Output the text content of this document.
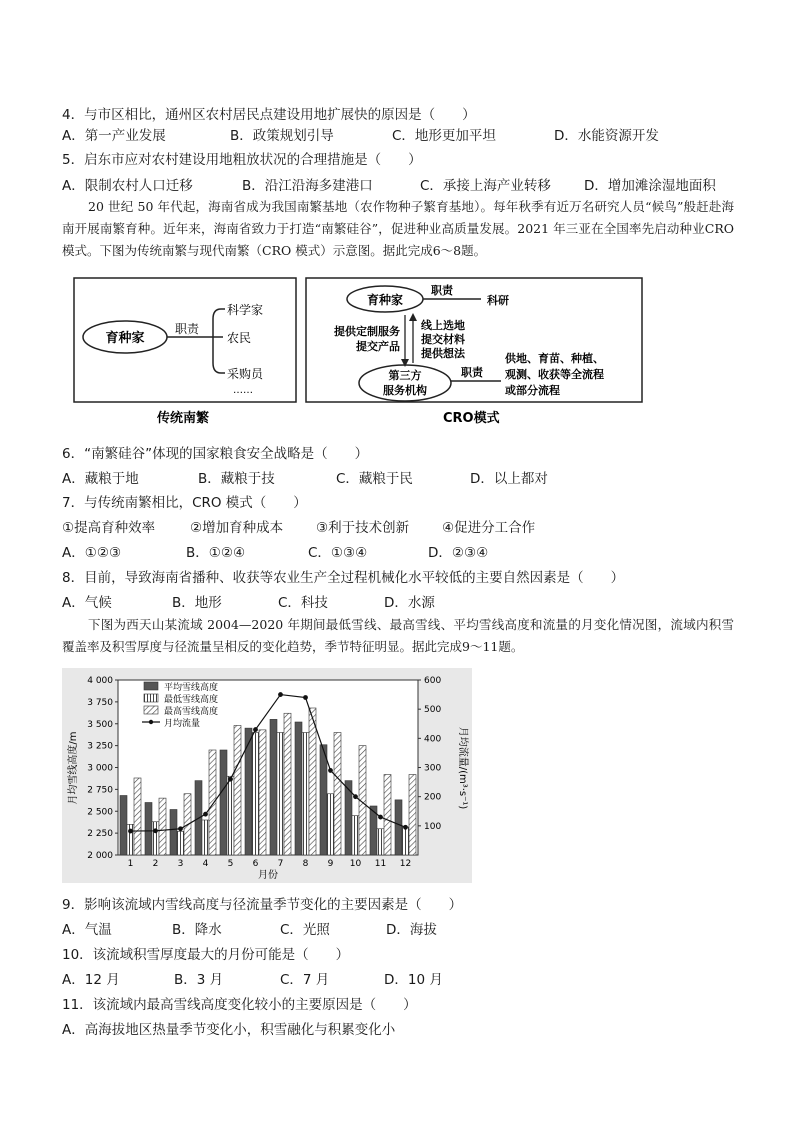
4．与市区相比，通州区农村居民点建设用地扩展快的原因是（　　）
A．第一产业发展	B．政策规划引导	C．地形更加平坦	D．水能资源开发
5．启东市应对农村建设用地粗放状况的合理措施是（　　）
A．限制农村人口迁移	B．沿江沿海多建港口	C．承接上海产业转移 D．增加滩涂湿地面积
20 世纪 50 年代起，海南省成为我国南繁基地（农作物种子繁育基地）。每年秋季有近万名研究人员“候鸟”般赶赴海南开展南繁育种。近年来，海南省致力于打造“南繁硅谷”，促进种业高质量发展。2021 年三亚在全国率先启动种业CRO 模式。下图为传统南繁与现代南繁（CRO 模式）示意图。据此完成6～8题。
育种家
职责
科学家
农民
采购员
……
传统南繁
育种家
职责
科研
提供定制服务
提交产品
线上选地
提交材料
提供想法
第三方
服务机构
职责
供地、育苗、种植、
观测、收获等全流程
或部分流程
CRO模式
6．“南繁硅谷”体现的国家粮食安全战略是（　　）
A．藏粮于地	B．藏粮于技	C．藏粮于民	D．以上都对
7．与传统南繁相比，CRO 模式（　　）
①提高育种效率	②增加育种成本 ③利于技术创新 ④促进分工合作
A．①②③	B．①②④	C．①③④	D．②③④
8．目前，导致海南省播种、收获等农业生产全过程机械化水平较低的主要自然因素是（　　）
A．气候	B．地形	C．科技	D．水源
下图为西天山某流域 2004—2020 年期间最低雪线、最高雪线、平均雪线高度和流量的月变化情况图，流域内积雪覆盖率及积雪厚度与径流量呈相反的变化趋势，季节特征明显。据此完成9～11题。
2 000
2 250
2 500
2 750
3 000
3 250
3 500
3 750
4 000
100
200
300
400
500
600
1 2 3 4 5 6 7 8 9 10 11 12
月均雪线高度/m	月均流量/(m³·s⁻¹)
月份
平均雪线高度
最低雪线高度
最高雪线高度
月均流量
9．影响该流域内雪线高度与径流量季节变化的主要因素是（　　）
A．气温	B．降水	C．光照	D．海拔
10．该流域积雪厚度最大的月份可能是（　　）
A．12 月	B．3 月	C．7 月	D．10 月
11．该流域内最高雪线高度变化较小的主要原因是（　　）
A．高海拔地区热量季节变化小，积雪融化与积累变化小
